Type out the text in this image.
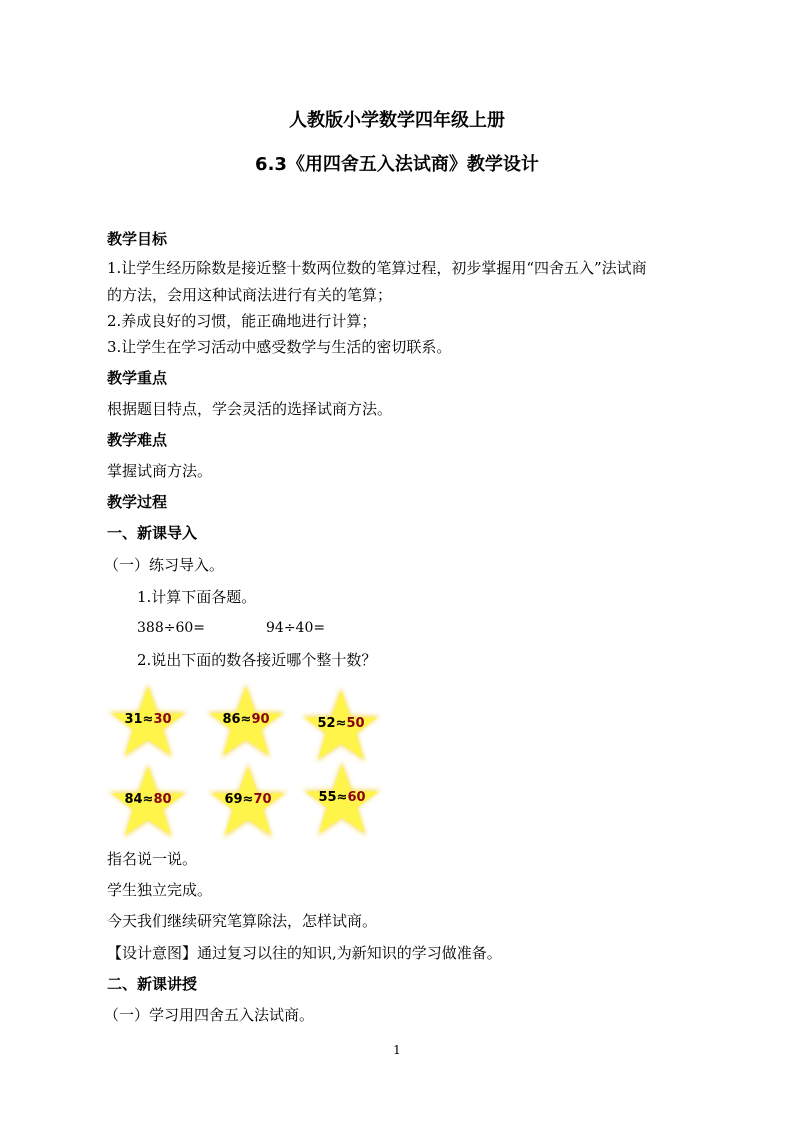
人教版小学数学四年级上册
6.3《用四舍五入法试商》教学设计
教学目标
1.让学生经历除数是接近整十数两位数的笔算过程，初步掌握用“四舍五入”法试商
的方法，会用这种试商法进行有关的笔算；
2.养成良好的习惯，能正确地进行计算；
3.让学生在学习活动中感受数学与生活的密切联系。
教学重点
根据题目特点，学会灵活的选择试商方法。
教学难点
掌握试商方法。
教学过程
一、新课导入
（一）练习导入。
1.计算下面各题。
388÷60=	94÷40=
2.说出下面的数各接近哪个整十数？
31≈30	86≈90	52≈50
84≈80	69≈70	55≈60
指名说一说。
学生独立完成。
今天我们继续研究笔算除法，怎样试商。
【设计意图】通过复习以往的知识,为新知识的学习做准备。
二、新课讲授
（一）学习用四舍五入法试商。
1
